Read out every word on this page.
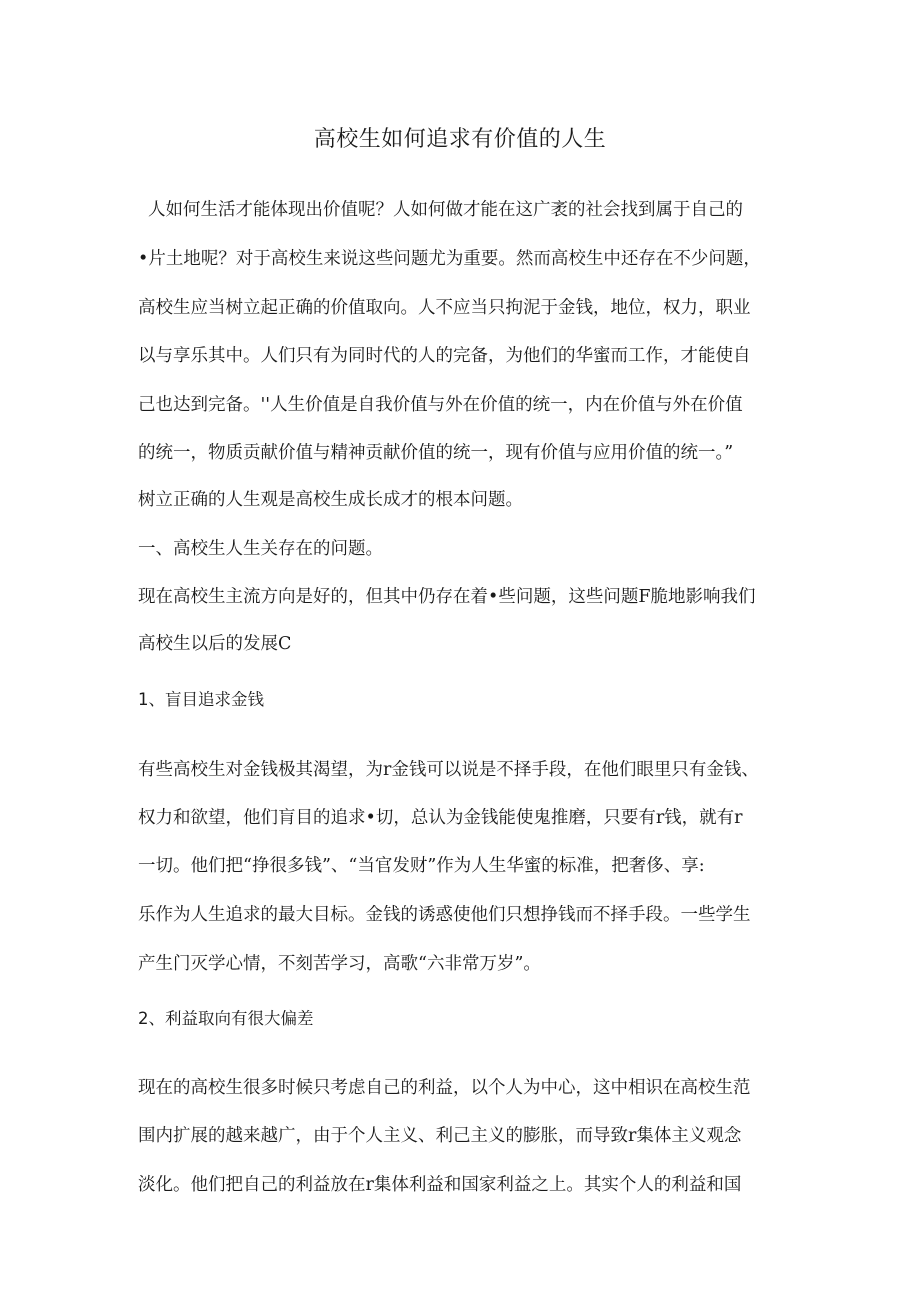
高校生如何追求有价值的人生
人如何生活才能体现出价值呢？人如何做才能在这广袤的社会找到属于自己的
•片土地呢？对于高校生来说这些问题尤为重要。然而高校生中还存在不少问题，
高校生应当树立起正确的价值取向。人不应当只拘泥于金钱，地位，权力，职业
以与享乐其中。人们只有为同时代的人的完备，为他们的华蜜而工作，才能使自
己也达到完备。''人生价值是自我价值与外在价值的统一，内在价值与外在价值
的统一，物质贡献价值与精神贡献价值的统一，现有价值与应用价值的统一。”
树立正确的人生观是高校生成长成才的根本问题。
一、高校生人生关存在的问题。
现在高校生主流方向是好的，但其中仍存在着•些问题，这些问题F脆地影响我们
高校生以后的发展C
1、盲目追求金钱
有些高校生对金钱极其渴望，为r金钱可以说是不择手段，在他们眼里只有金钱、
权力和欲望，他们肓目的追求•切，总认为金钱能使鬼推磨，只要有r钱，就有r
一切。他们把“挣很多钱”、“当官发财”作为人生华蜜的标准，把奢侈、享:
乐作为人生追求的最大目标。金钱的诱惑使他们只想挣钱而不择手段。一些学生
产生门灭学心情，不刻苦学习，高歌“六非常万岁”。
2、利益取向有很大偏差
现在的高校生很多时候只考虑自己的利益，以个人为中心，这中相识在高校生范
围内扩展的越来越广，由于个人主义、利己主义的膨胀，而导致r集体主义观念
淡化。他们把自己的利益放在r集体利益和国家利益之上。其实个人的利益和国
